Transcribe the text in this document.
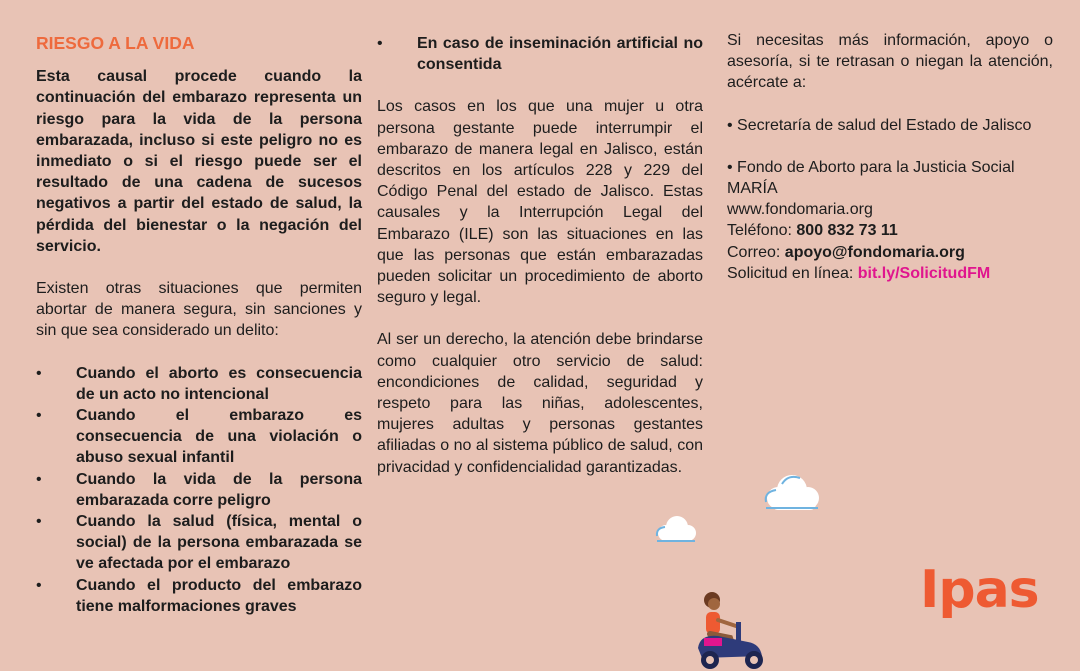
RIESGO A LA VIDA

Esta causal procede cuando la continuación del embarazo representa un riesgo para la vida de la persona embarazada, incluso si este peligro no es inmediato o si el riesgo puede ser el resultado de una cadena de sucesos negativos a partir del estado de salud, la pérdida del bienestar o la negación del servicio.

Existen otras situaciones que permiten abortar de manera segura, sin sanciones y sin que sea considerado un delito:

• Cuando el aborto es consecuencia de un acto no intencional
• Cuando el embarazo es consecuencia de una violación o abuso sexual infantil
• Cuando la vida de la persona embarazada corre peligro
• Cuando la salud (física, mental o social) de la persona embarazada se ve afectada por el embarazo
• Cuando el producto del embarazo tiene malformaciones graves
• En caso de inseminación artificial no consentida

Los casos en los que una mujer u otra persona gestante puede interrumpir el embarazo de manera legal en Jalisco, están descritos en los artículos 228 y 229 del Código Penal del estado de Jalisco. Estas causales y la Interrupción Legal del Embarazo (ILE) son las situaciones en las que las personas que están embarazadas pueden solicitar un procedimiento de aborto seguro y legal.

Al ser un derecho, la atención debe brindarse como cualquier otro servicio de salud: encondiciones de calidad, seguridad y respeto para las niñas, adolescentes, mujeres adultas y personas gestantes afiliadas o no al sistema público de salud, con privacidad y confidencialidad garantizadas.

Si necesitas más información, apoyo o asesoría, si te retrasan o niegan la atención, acércate a:

• Secretaría de salud del Estado de Jalisco

• Fondo de Aborto para la Justicia Social MARÍA

www.fondomaria.org

Teléfono: 800 832 73 11

Correo: apoyo@fondomaria.org

Solicitud en línea: bit.ly/SolicitudFM

Ipas
